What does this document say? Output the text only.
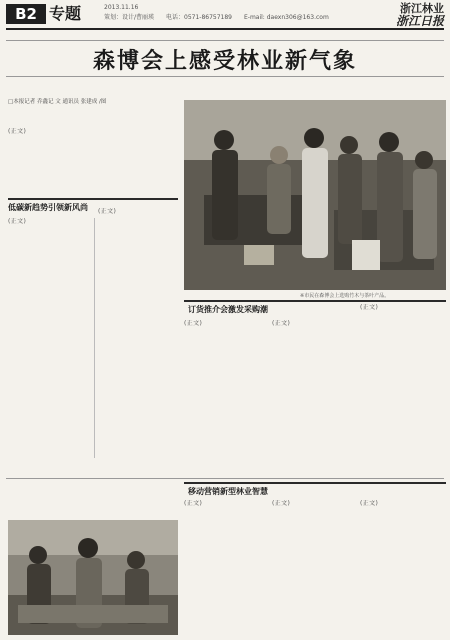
B2 专题	2013.11.16
策划：设计/曹丽瑛　　电话：0571-86757189　　E-mail: daexn306@163.com
浙江林业
浙江日报
森博会上感受林业新气象
□本报记者 乔鑫记 文 通讯员 张建成 /图
(正文)
※市民在森博会上选购竹木与茶叶产品。
低碳新趋势引领新风尚
(正文)
(正文)
订货推介会激发采购潮
(正文)	(正文)
(正文)
移动营销新型林业智慧
(正文)	(正文)	(正文)
